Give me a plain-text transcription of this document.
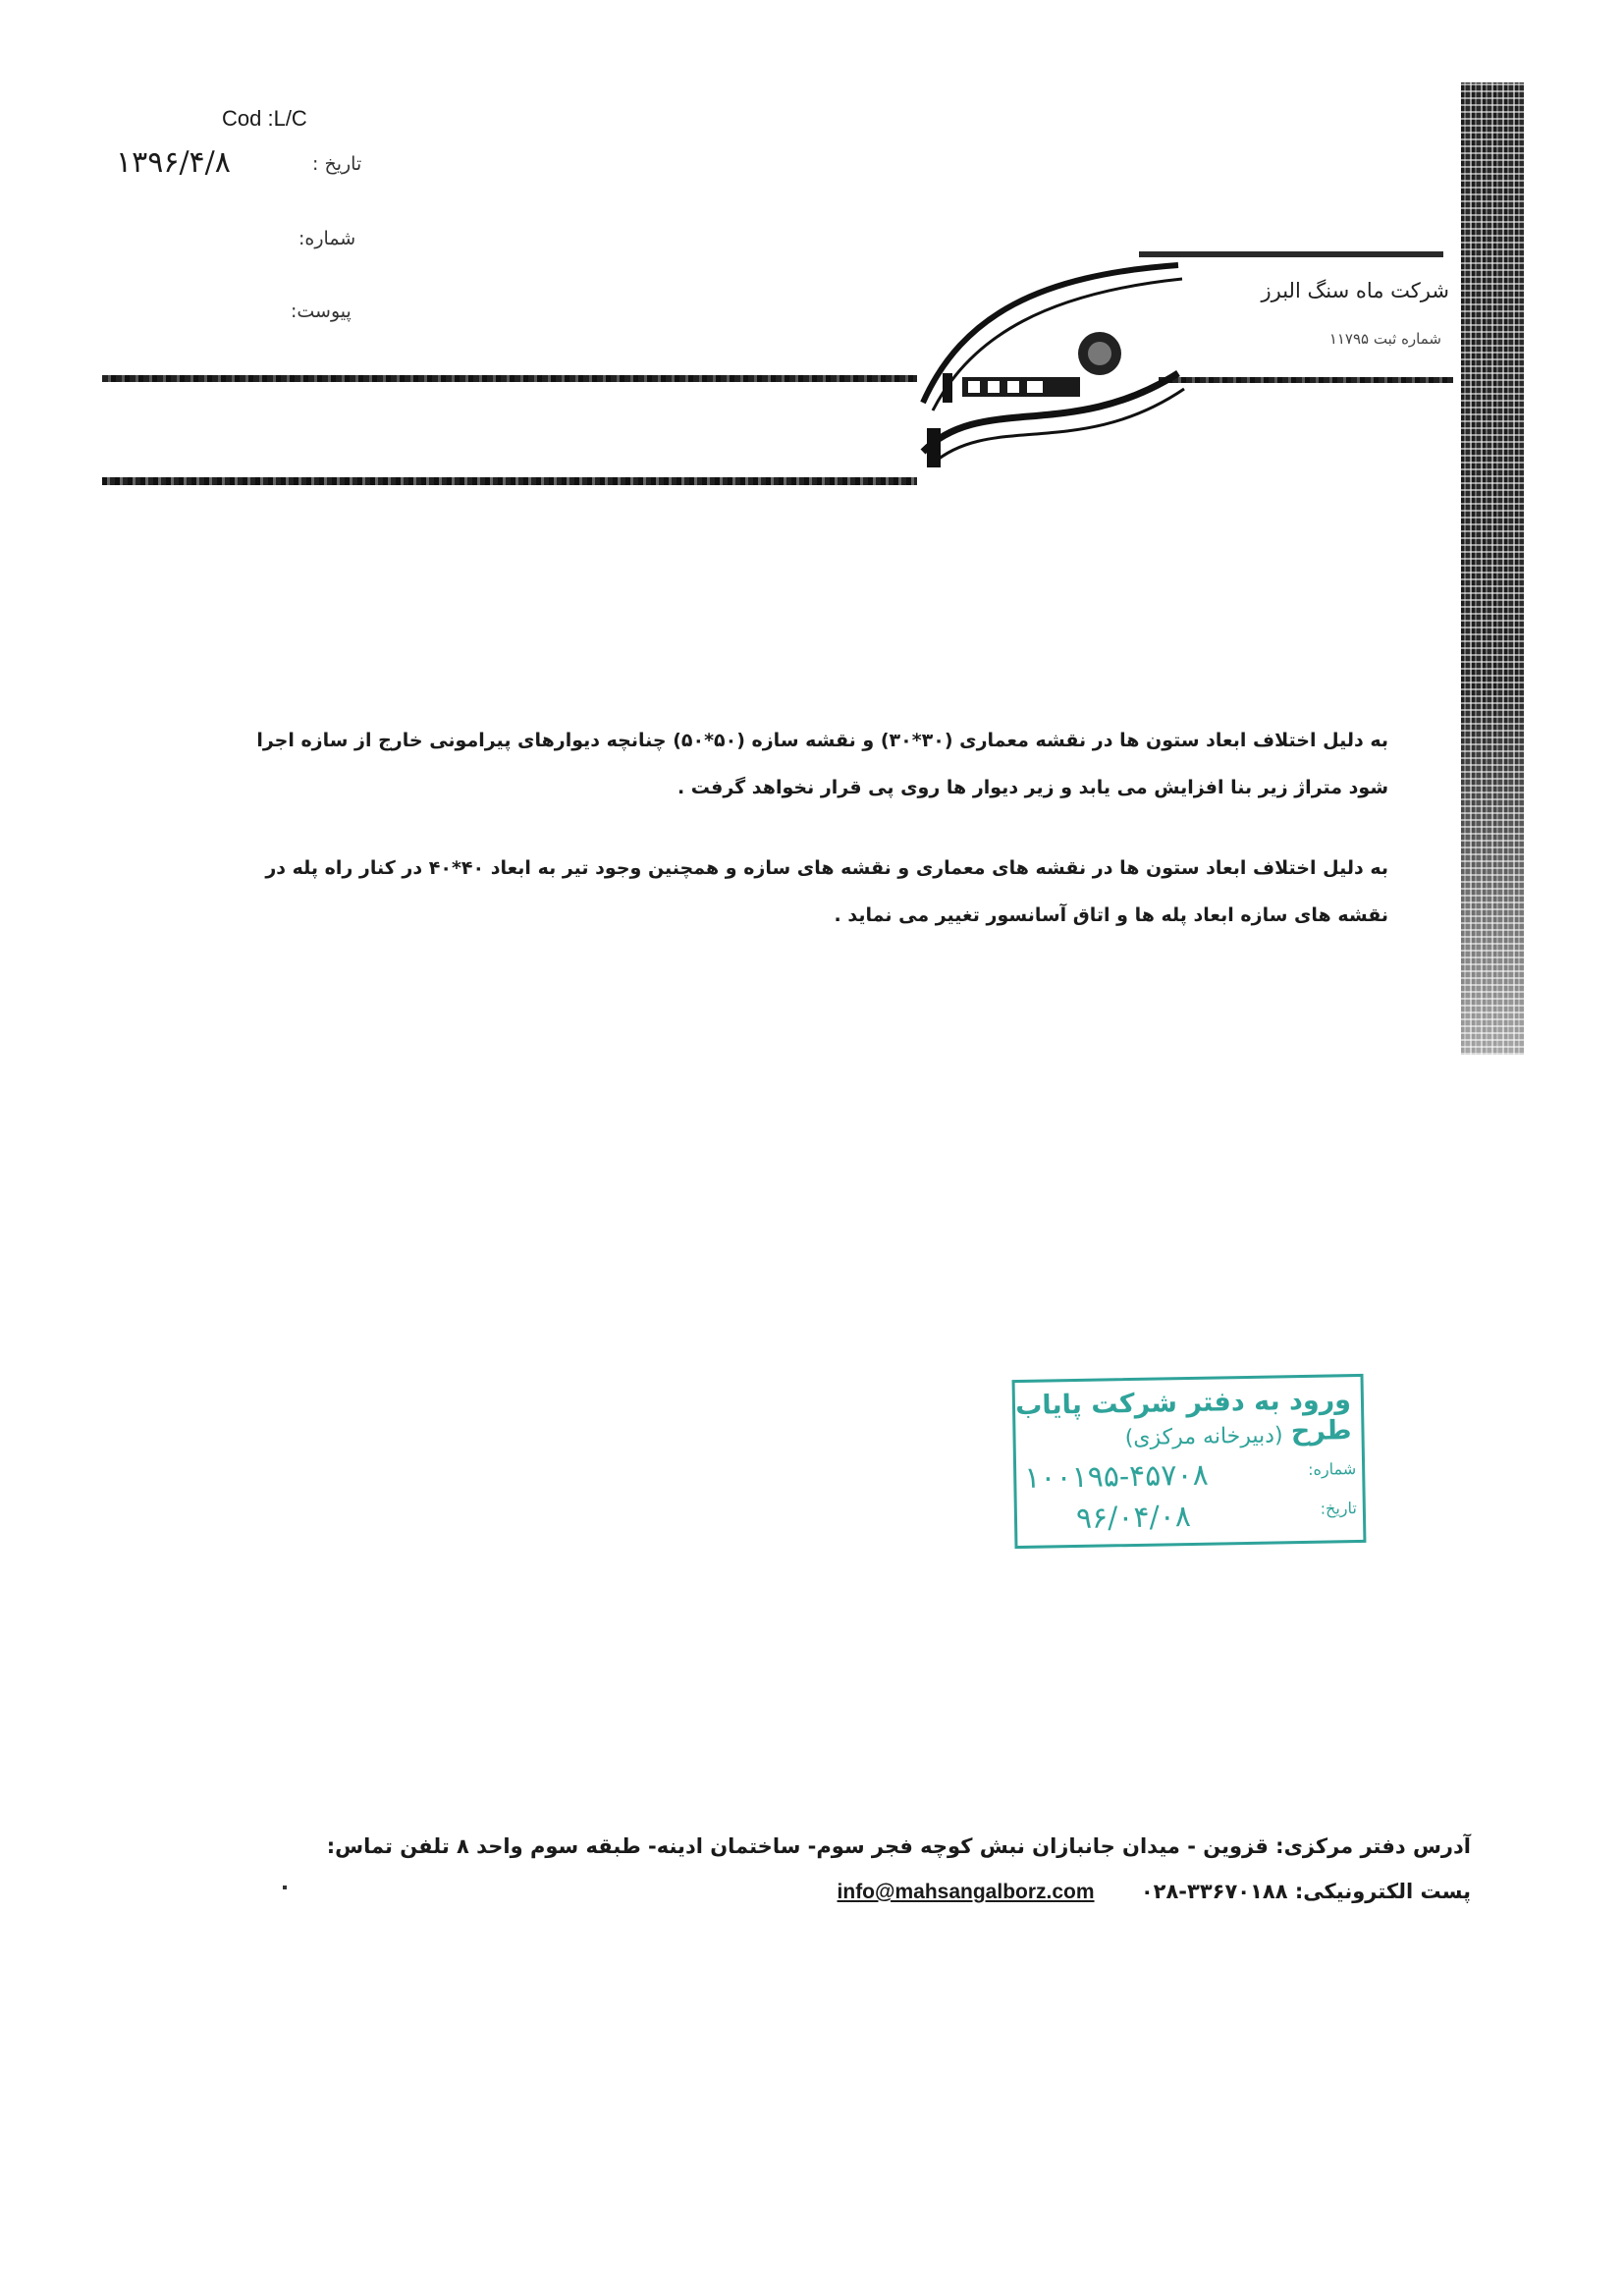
Cod :L/C
تاریخ :
۱۳۹۶/۴/۸
شماره:
پیوست:
شرکت ماه سنگ البرز
شماره ثبت ۱۱۷۹۵
به دلیل اختلاف ابعاد ستون ها در نقشه معماری (۳۰*۳۰) و نقشه سازه (۵۰*۵۰) چنانچه دیوارهای پیرامونی خارج از سازه اجرا شود متراژ زیر بنا افزایش می یابد و زیر دیوار ها روی پی قرار نخواهد گرفت .
به دلیل اختلاف ابعاد ستون ها در نقشه های معماری و نقشه های سازه و همچنین وجود تیر به ابعاد ۴۰*۴۰ در کنار راه پله در نقشه های سازه ابعاد پله ها و اتاق آسانسور تغییر می نماید .
ورود به دفتر شرکت پایاب طرح
(دبیرخانه مرکزی)
شماره:
تاریخ:
۱۰۰۱۹۵-۴۵۷۰۸
۹۶/۰۴/۰۸
آدرس دفتر مرکزی: قزوین - میدان جانبازان نبش کوچه فجر سوم- ساختمان ادینه- طبقه سوم واحد ۸ تلفن تماس:
پست الکترونیکی: info@mahsangalborz.com ۰۲۸-۳۳۶۷۰۱۸۸
